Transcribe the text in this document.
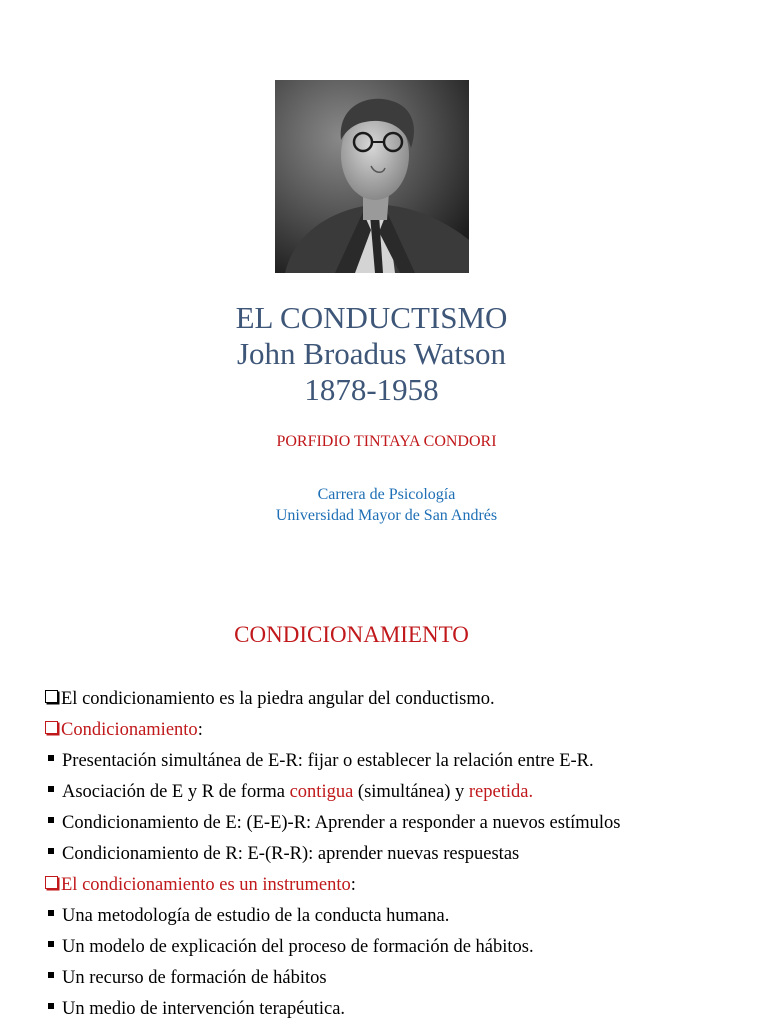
EL CONDUCTISMO
John Broadus Watson
1878-1958
PORFIDIO TINTAYA CONDORI
Carrera de Psicología
Universidad Mayor de San Andrés
CONDICIONAMIENTO
El condicionamiento es la piedra angular del conductismo.
Condicionamiento:
Presentación simultánea de E-R: fijar o establecer la relación entre E-R.
Asociación de E y R de forma contigua (simultánea) y repetida.
Condicionamiento de E: (E-E)-R: Aprender a responder a nuevos estímulos
Condicionamiento de R: E-(R-R): aprender nuevas respuestas
El condicionamiento es un instrumento:
Una metodología de estudio de la conducta humana.
Un modelo de explicación del proceso de formación de hábitos.
Un recurso de formación de hábitos
Un medio de intervención terapéutica.
